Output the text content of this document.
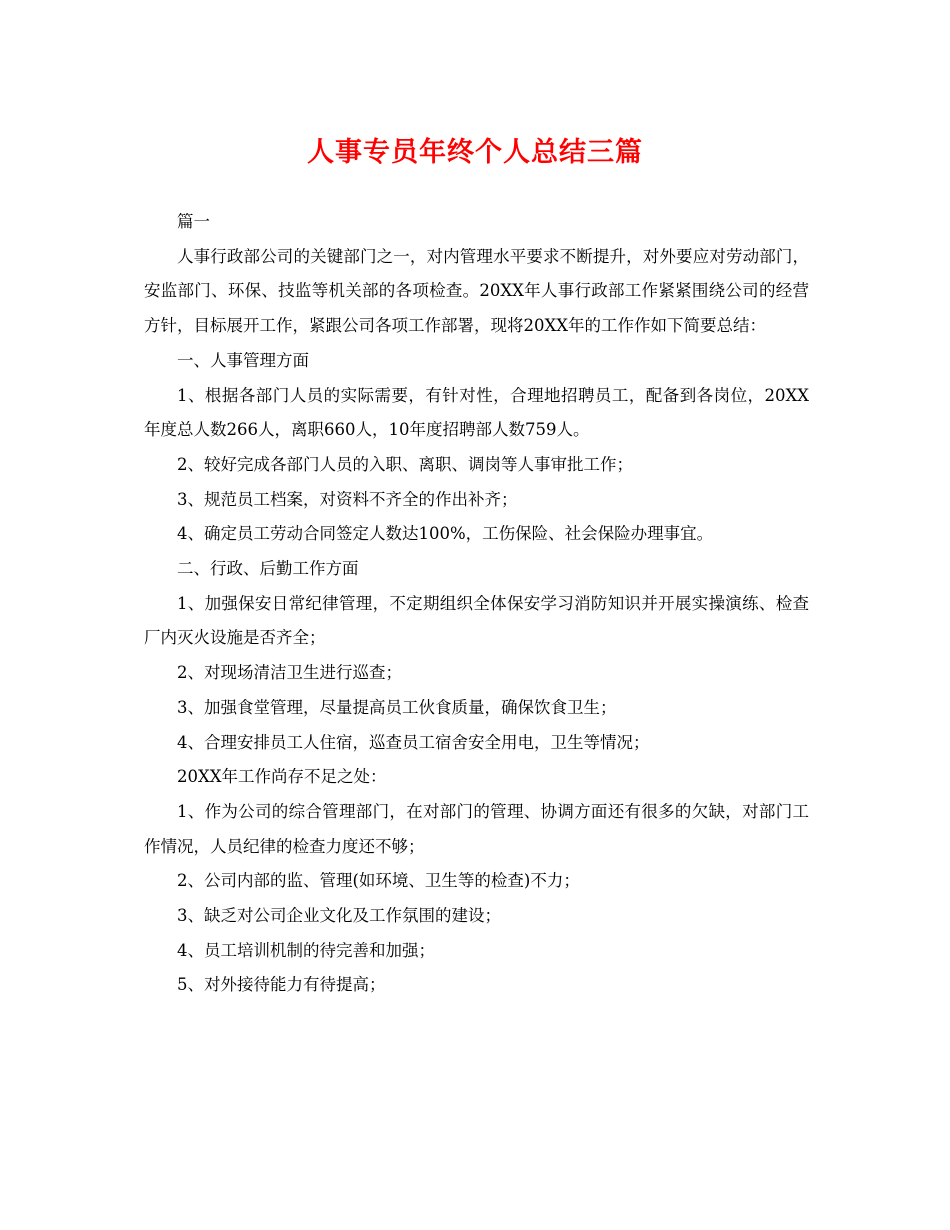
人事专员年终个人总结三篇

篇一

人事行政部公司的关键部门之一，对内管理水平要求不断提升，对外要应对劳动部门，安监部门、环保、技监等机关部的各项检查。20XX年人事行政部工作紧紧围绕公司的经营方针，目标展开工作，紧跟公司各项工作部署，现将20XX年的工作作如下简要总结：

一、人事管理方面

1、根据各部门人员的实际需要，有针对性，合理地招聘员工，配备到各岗位，20XX年度总人数266人，离职660人，10年度招聘部人数759人。

2、较好完成各部门人员的入职、离职、调岗等人事审批工作；

3、规范员工档案，对资料不齐全的作出补齐；

4、确定员工劳动合同签定人数达100%，工伤保险、社会保险办理事宜。

二、行政、后勤工作方面

1、加强保安日常纪律管理，不定期组织全体保安学习消防知识并开展实操演练、检查厂内灭火设施是否齐全；

2、对现场清洁卫生进行巡查；

3、加强食堂管理，尽量提高员工伙食质量，确保饮食卫生；

4、合理安排员工人住宿，巡查员工宿舍安全用电，卫生等情况；

20XX年工作尚存不足之处：

1、作为公司的综合管理部门，在对部门的管理、协调方面还有很多的欠缺，对部门工作情况，人员纪律的检查力度还不够；

2、公司内部的监、管理(如环境、卫生等的检查)不力；

3、缺乏对公司企业文化及工作氛围的建设；

4、员工培训机制的待完善和加强；

5、对外接待能力有待提高；
